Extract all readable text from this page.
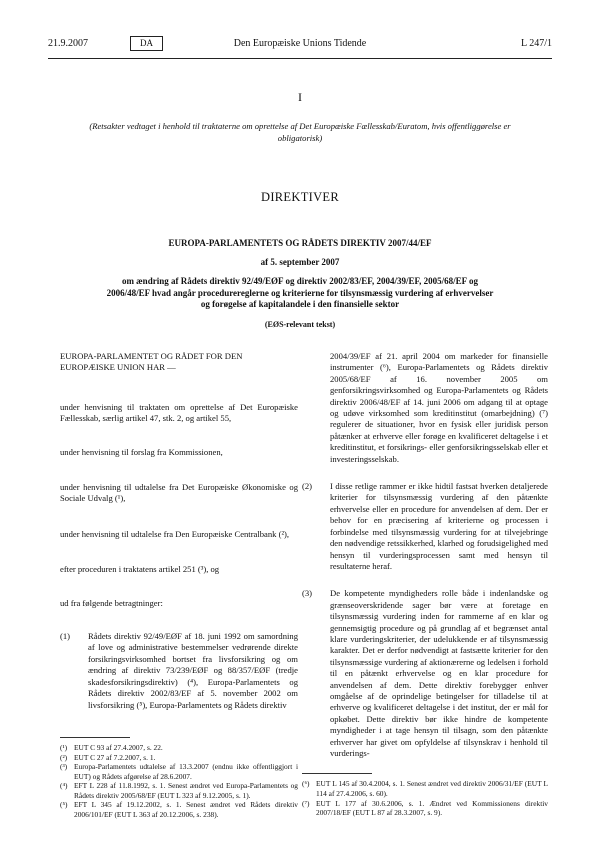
21.9.2007	DA	Den Europæiske Unions Tidende	L 247/1
I
(Retsakter vedtaget i henhold til traktaterne om oprettelse af Det Europæiske Fællesskab/Euratom, hvis offentliggørelse er obligatorisk)
DIREKTIVER
EUROPA-PARLAMENTETS OG RÅDETS DIREKTIV 2007/44/EF
af 5. september 2007
om ændring af Rådets direktiv 92/49/EØF og direktiv 2002/83/EF, 2004/39/EF, 2005/68/EF og 2006/48/EF hvad angår procedurereglerne og kriterierne for tilsynsmæssig vurdering af erhvervelser og forøgelse af kapitalandele i den finansielle sektor
(EØS-relevant tekst)

EUROPA-PARLAMENTET OG RÅDET FOR DEN EUROPÆISKE UNION HAR —

under henvisning til traktaten om oprettelse af Det Europæiske Fællesskab, særlig artikel 47, stk. 2, og artikel 55,

under henvisning til forslag fra Kommissionen,

under henvisning til udtalelse fra Det Europæiske Økonomiske og Sociale Udvalg (¹),

under henvisning til udtalelse fra Den Europæiske Centralbank (²),

efter proceduren i traktatens artikel 251 (³), og

ud fra følgende betragtninger:

(1) Rådets direktiv 92/49/EØF af 18. juni 1992 om samordning af love og administrative bestemmelser vedrørende direkte forsikringsvirksomhed bortset fra livsforsikring og om ændring af direktiv 73/239/EØF og 88/357/EØF (tredje skadesforsikringsdirektiv) (⁴), Europa-Parlamentets og Rådets direktiv 2002/83/EF af 5. november 2002 om livsforsikring (⁵), Europa-Parlamentets og Rådets direktiv

(¹) EUT C 93 af 27.4.2007, s. 22.
(²) EUT C 27 af 7.2.2007, s. 1.
(³) Europa-Parlamentets udtalelse af 13.3.2007 (endnu ikke offentliggjort i EUT) og Rådets afgørelse af 28.6.2007.
(⁴) EFT L 228 af 11.8.1992, s. 1. Senest ændret ved Europa-Parlamentets og Rådets direktiv 2005/68/EF (EUT L 323 af 9.12.2005, s. 1).
(⁵) EFT L 345 af 19.12.2002, s. 1. Senest ændret ved Rådets direktiv 2006/101/EF (EUT L 363 af 20.12.2006, s. 238).

2004/39/EF af 21. april 2004 om markeder for finansielle instrumenter (⁶), Europa-Parlamentets og Rådets direktiv 2005/68/EF af 16. november 2005 om genforsikringsvirksomhed og Europa-Parlamentets og Rådets direktiv 2006/48/EF af 14. juni 2006 om adgang til at optage og udøve virksomhed som kreditinstitut (omarbejdning) (⁷) regulerer de situationer, hvor en fysisk eller juridisk person påtænker at erhverve eller forøge en kvalificeret deltagelse i et kreditinstitut, et forsikrings- eller genforsikringsselskab eller et investeringsselskab.

(2) I disse retlige rammer er ikke hidtil fastsat hverken detaljerede kriterier for tilsynsmæssig vurdering af den påtænkte erhvervelse eller en procedure for anvendelsen af dem. Der er behov for en præcisering af kriterierne og processen i forbindelse med tilsynsmæssig vurdering for at tilvejebringe den nødvendige retssikkerhed, klarhed og forudsigelighed med hensyn til vurderingsprocessen samt med hensyn til resultaterne heraf.

(3) De kompetente myndigheders rolle både i indenlandske og grænseoverskridende sager bør være at foretage en tilsynsmæssig vurdering inden for rammerne af en klar og gennemsigtig procedure og på grundlag af et begrænset antal klare vurderingskriterier, der udelukkende er af tilsynsmæssig karakter. Det er derfor nødvendigt at fastsætte kriterier for den tilsynsmæssige vurdering af aktionærerne og ledelsen i forhold til en påtænkt erhvervelse og en klar procedure for anvendelsen af dem. Dette direktiv forebygger enhver omgåelse af de oprindelige betingelser for tilladelse til at erhverve og kvalificeret deltagelse i det institut, der er mål for opkøbet. Dette direktiv bør ikke hindre de kompetente myndigheder i at tage hensyn til tilsagn, som den påtænkte erhverver har givet om opfyldelse af tilsynskrav i henhold til vurderings-

(⁶) EUT L 145 af 30.4.2004, s. 1. Senest ændret ved direktiv 2006/31/EF (EUT L 114 af 27.4.2006, s. 60).
(⁷) EUT L 177 af 30.6.2006, s. 1. Ændret ved Kommissionens direktiv 2007/18/EF (EUT L 87 af 28.3.2007, s. 9).
